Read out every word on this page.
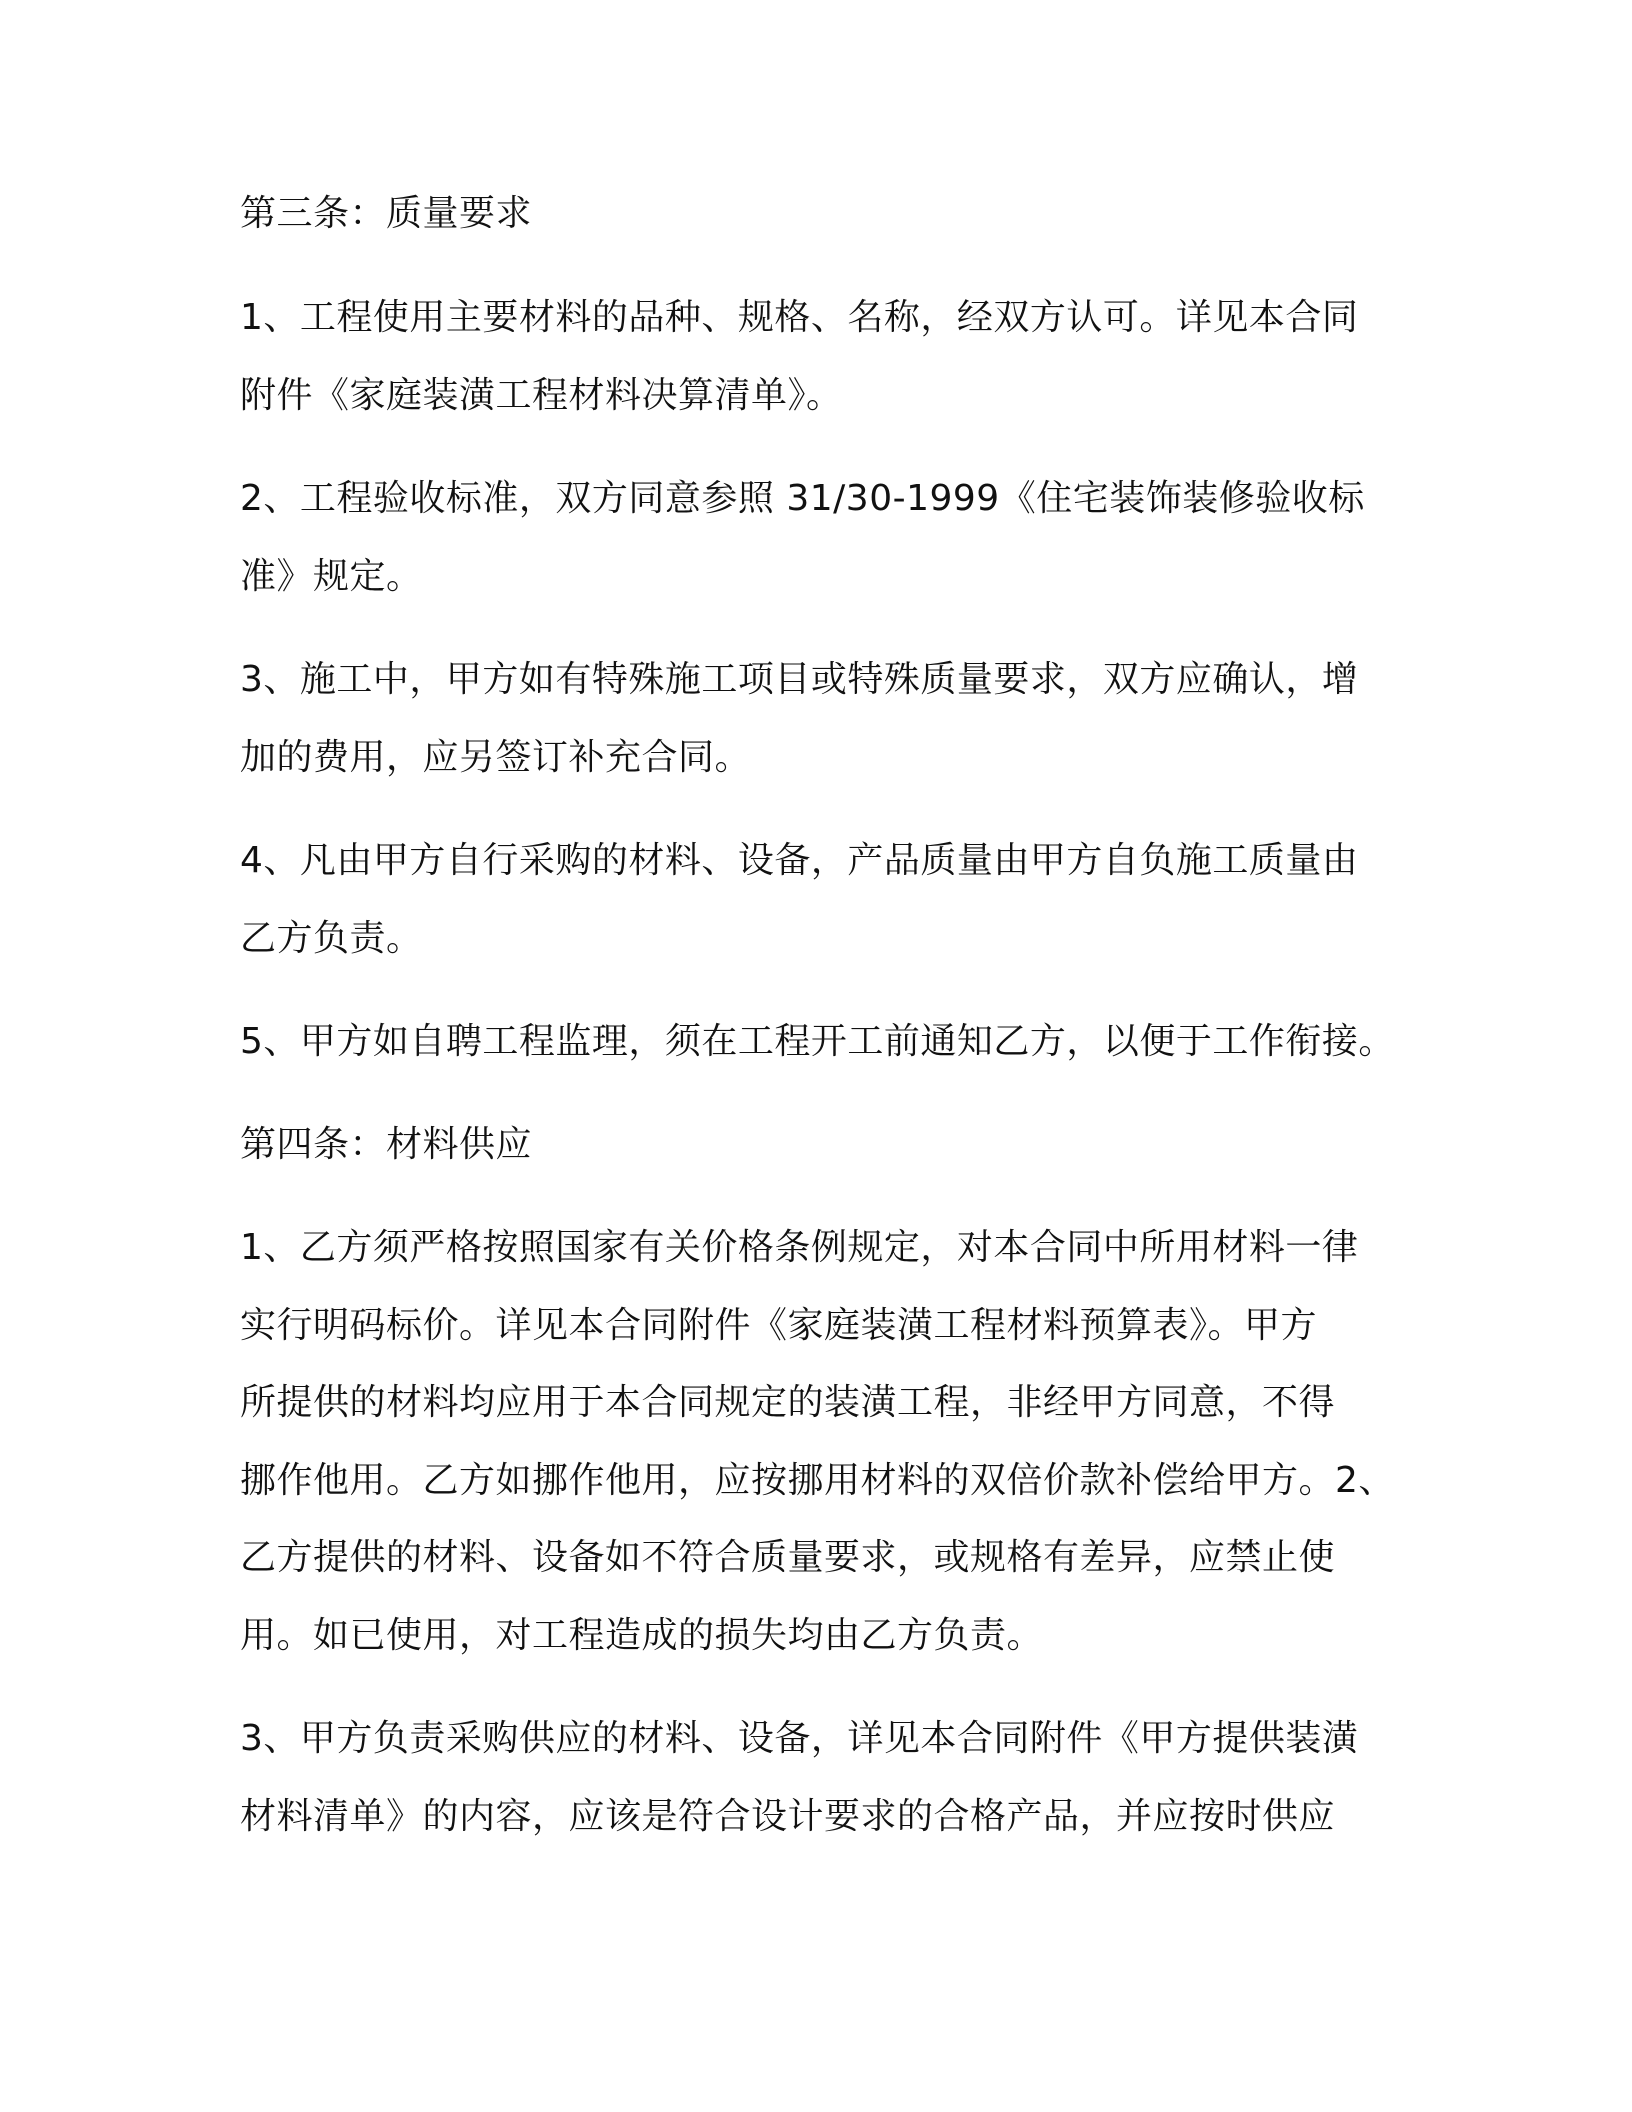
第三条：质量要求

1、工程使用主要材料的品种、规格、名称，经双方认可。详见本合同

附件《家庭装潢工程材料决算清单》。

2、工程验收标准，双方同意参照 31/30-1999《住宅装饰装修验收标

准》规定。

3、施工中，甲方如有特殊施工项目或特殊质量要求，双方应确认，增

加的费用，应另签订补充合同。

4、凡由甲方自行采购的材料、设备，产品质量由甲方自负施工质量由

乙方负责。

5、甲方如自聘工程监理，须在工程开工前通知乙方，以便于工作衔接。

第四条：材料供应

1、乙方须严格按照国家有关价格条例规定，对本合同中所用材料一律

实行明码标价。详见本合同附件《家庭装潢工程材料预算表》。甲方

所提供的材料均应用于本合同规定的装潢工程，非经甲方同意，不得

挪作他用。乙方如挪作他用，应按挪用材料的双倍价款补偿给甲方。2、

乙方提供的材料、设备如不符合质量要求，或规格有差异，应禁止使

用。如已使用，对工程造成的损失均由乙方负责。

3、甲方负责采购供应的材料、设备，详见本合同附件《甲方提供装潢

材料清单》的内容，应该是符合设计要求的合格产品，并应按时供应
